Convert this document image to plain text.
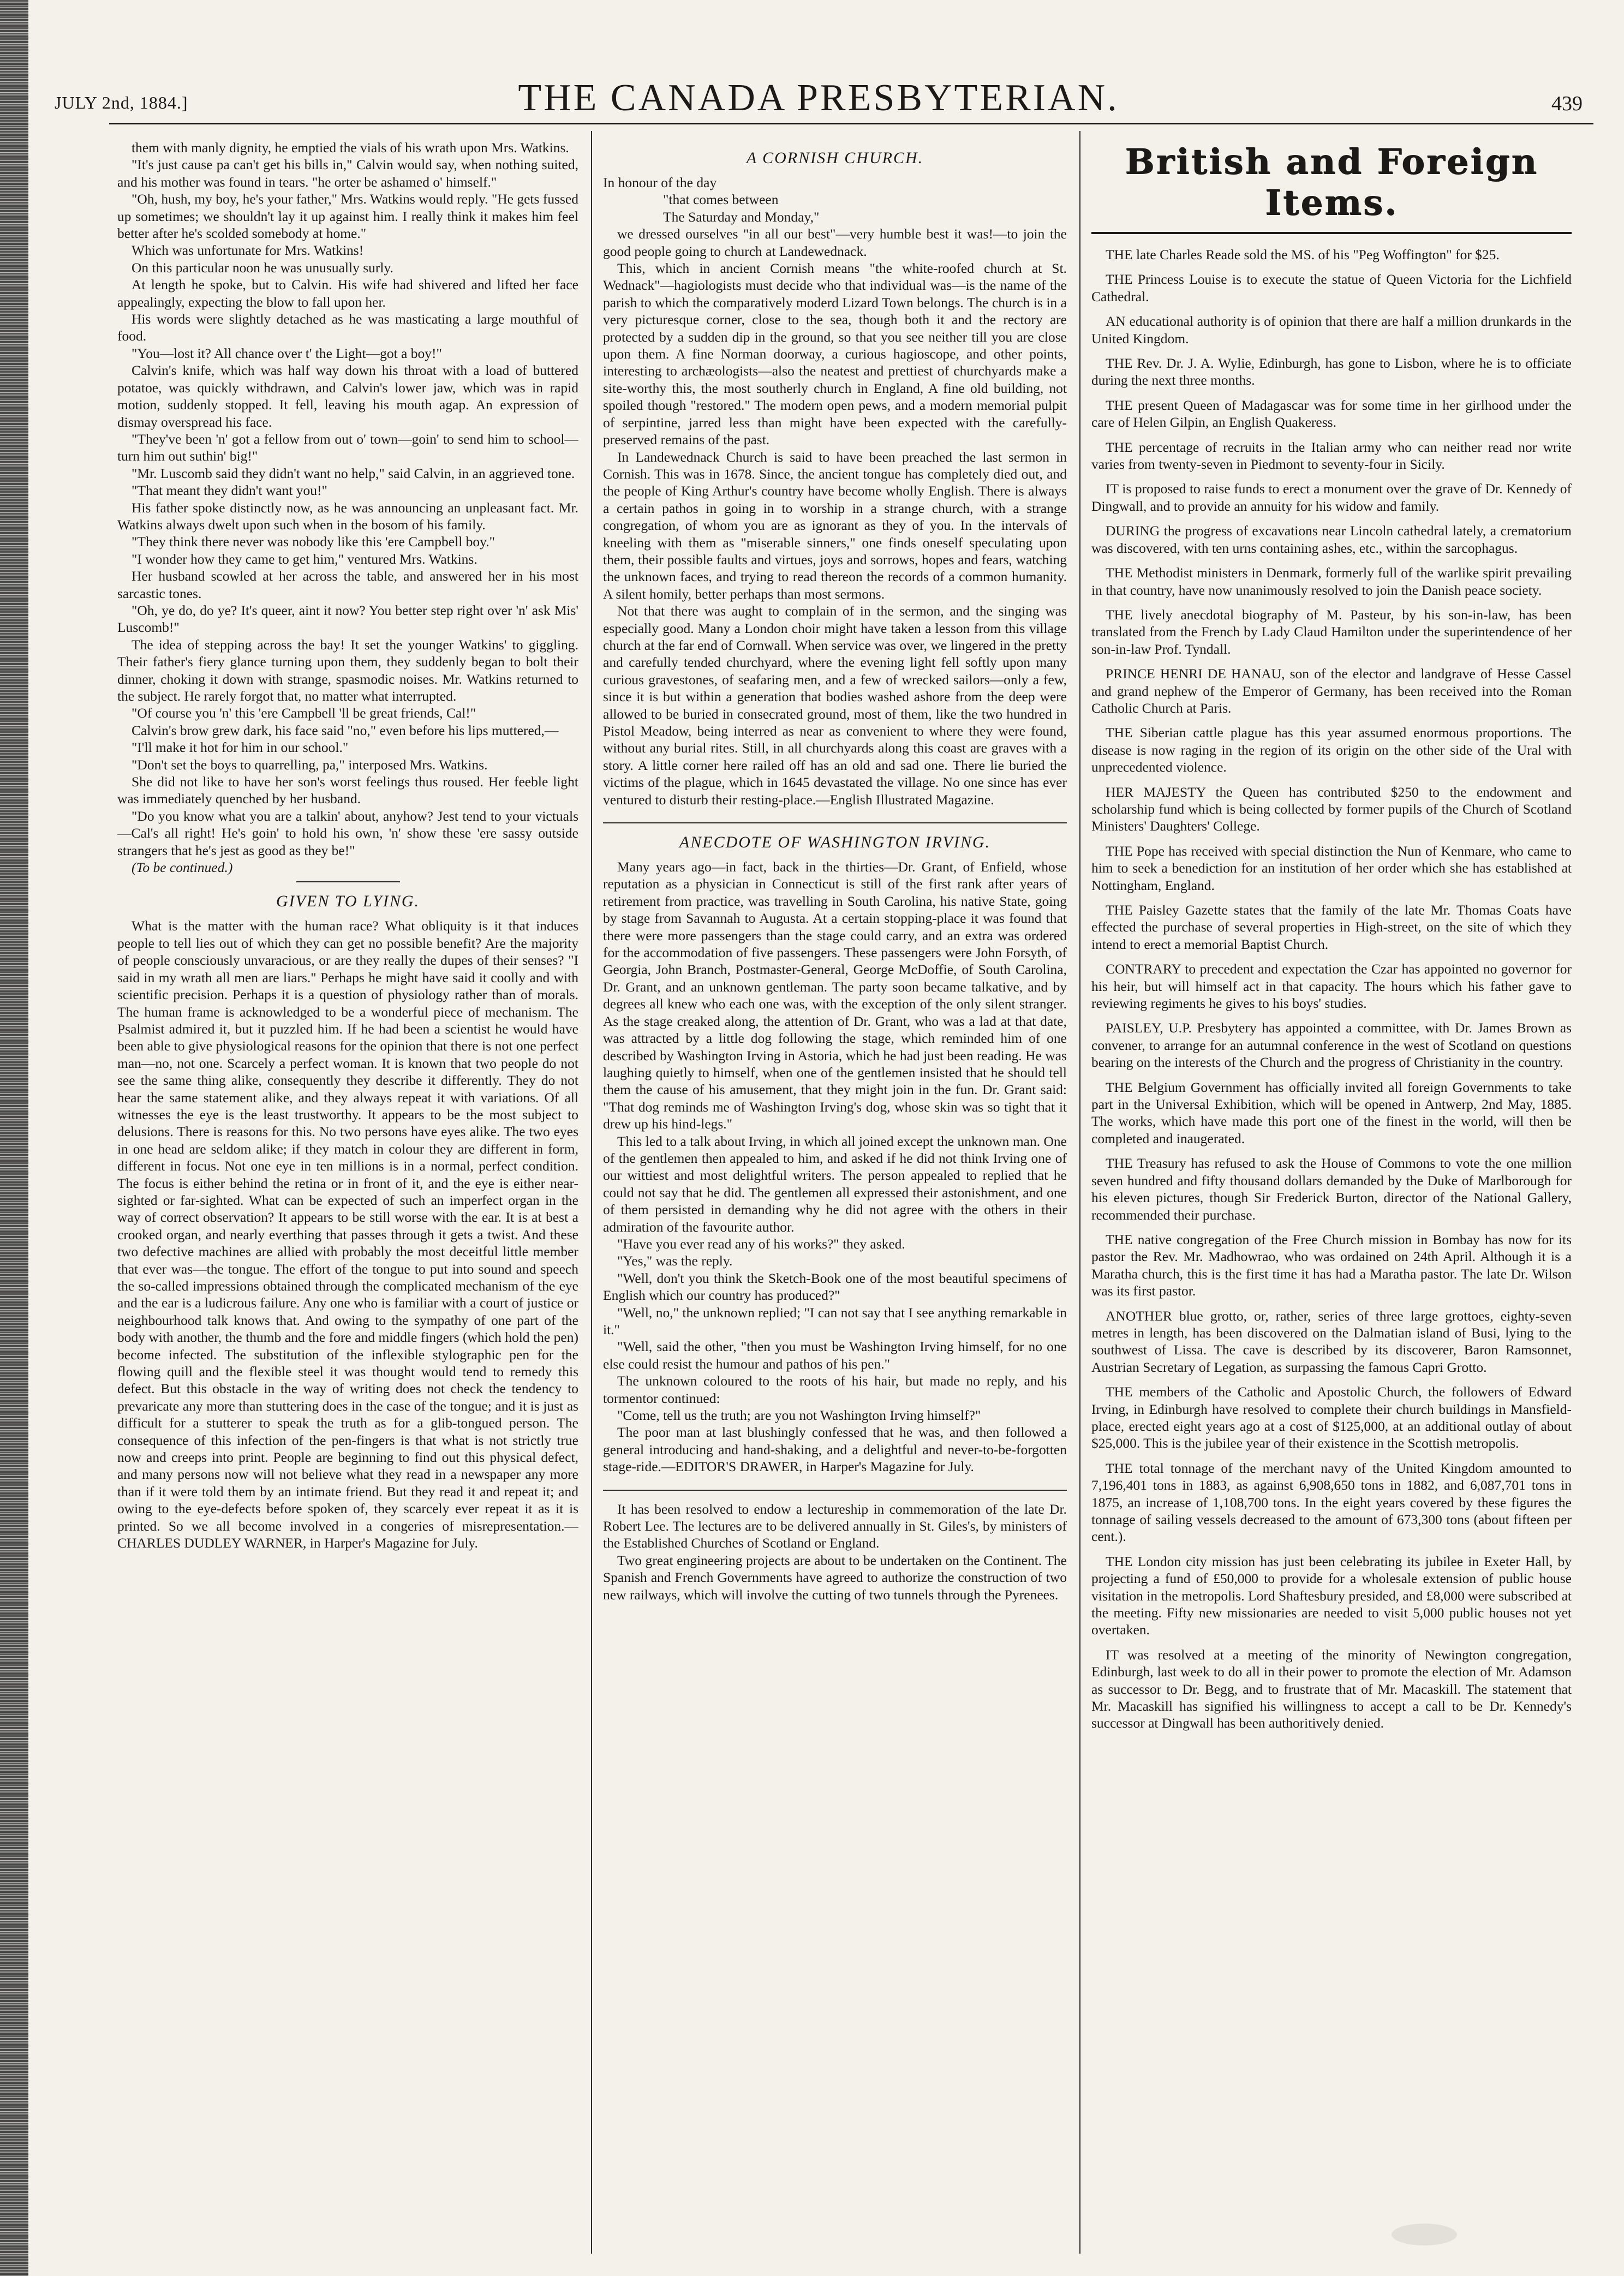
JULY 2nd, 1884.]	THE CANADA PRESBYTERIAN.	439

them with manly dignity, he emptied the vials of his wrath upon Mrs. Watkins.

"It's just cause pa can't get his bills in," Calvin would say, when nothing suited, and his mother was found in tears. "he orter be ashamed o' himself."

"Oh, hush, my boy, he's your father," Mrs. Watkins would reply. "He gets fussed up sometimes; we shouldn't lay it up against him. I really think it makes him feel better after he's scolded somebody at home."

Which was unfortunate for Mrs. Watkins!

On this particular noon he was unusually surly.

At length he spoke, but to Calvin. His wife had shivered and lifted her face appealingly, expecting the blow to fall upon her.

His words were slightly detached as he was masticating a large mouthful of food.

"You—lost it? All chance over t' the Light—got a boy!"

Calvin's knife, which was half way down his throat with a load of buttered potatoe, was quickly withdrawn, and Calvin's lower jaw, which was in rapid motion, suddenly stopped. It fell, leaving his mouth agap. An expression of dismay overspread his face.

"They've been 'n' got a fellow from out o' town—goin' to send him to school—turn him out suthin' big!"

"Mr. Luscomb said they didn't want no help," said Calvin, in an aggrieved tone.

"That meant they didn't want you!"

His father spoke distinctly now, as he was announcing an unpleasant fact. Mr. Watkins always dwelt upon such when in the bosom of his family.

"They think there never was nobody like this 'ere Campbell boy."

"I wonder how they came to get him," ventured Mrs. Watkins.

Her husband scowled at her across the table, and answered her in his most sarcastic tones.

"Oh, ye do, do ye? It's queer, aint it now? You better step right over 'n' ask Mis' Luscomb!"

The idea of stepping across the bay! It set the younger Watkins' to giggling. Their father's fiery glance turning upon them, they suddenly began to bolt their dinner, choking it down with strange, spasmodic noises. Mr. Watkins returned to the subject. He rarely forgot that, no matter what interrupted.

"Of course you 'n' this 'ere Campbell 'll be great friends, Cal!"

Calvin's brow grew dark, his face said "no," even before his lips muttered,—

"I'll make it hot for him in our school."

"Don't set the boys to quarrelling, pa," interposed Mrs. Watkins.

She did not like to have her son's worst feelings thus roused. Her feeble light was immediately quenched by her husband.

"Do you know what you are a talkin' about, anyhow? Jest tend to your victuals—Cal's all right! He's goin' to hold his own, 'n' show these 'ere sassy outside strangers that he's jest as good as they be!"

(To be continued.)

GIVEN TO LYING.

What is the matter with the human race? What obliquity is it that induces people to tell lies out of which they can get no possible benefit? Are the majority of people consciously unvaracious, or are they really the dupes of their senses? "I said in my wrath all men are liars." Perhaps he might have said it coolly and with scientific precision. Perhaps it is a question of physiology rather than of morals. The human frame is acknowledged to be a wonderful piece of mechanism. The Psalmist admired it, but it puzzled him. If he had been a scientist he would have been able to give physiological reasons for the opinion that there is not one perfect man—no, not one. Scarcely a perfect woman. It is known that two people do not see the same thing alike, consequently they describe it differently. They do not hear the same statement alike, and they always repeat it with variations. Of all witnesses the eye is the least trustworthy. It appears to be the most subject to delusions. There is reasons for this. No two persons have eyes alike. The two eyes in one head are seldom alike; if they match in colour they are different in form, different in focus. Not one eye in ten millions is in a normal, perfect condition. The focus is either behind the retina or in front of it, and the eye is either near-sighted or far-sighted. What can be expected of such an imperfect organ in the way of correct observation? It appears to be still worse with the ear. It is at best a crooked organ, and nearly everthing that passes through it gets a twist. And these two defective machines are allied with probably the most deceitful little member that ever was—the tongue. The effort of the tongue to put into sound and speech the so-called impressions obtained through the complicated mechanism of the eye and the ear is a ludicrous failure. Any one who is familiar with a court of justice or neighbourhood talk knows that. And owing to the sympathy of one part of the body with another, the thumb and the fore and middle fingers (which hold the pen) become infected. The substitution of the inflexible stylographic pen for the flowing quill and the flexible steel it was thought would tend to remedy this defect. But this obstacle in the way of writing does not check the tendency to prevaricate any more than stuttering does in the case of the tongue; and it is just as difficult for a stutterer to speak the truth as for a glib-tongued person. The consequence of this infection of the pen-fingers is that what is not strictly true now and creeps into print. People are beginning to find out this physical defect, and many persons now will not believe what they read in a newspaper any more than if it were told them by an intimate friend. But they read it and repeat it; and owing to the eye-defects before spoken of, they scarcely ever repeat it as it is printed. So we all become involved in a congeries of misrepresentation.—CHARLES DUDLEY WARNER, in Harper's Magazine for July.

A CORNISH CHURCH.

In honour of the day

"that comes between

The Saturday and Monday,"

we dressed ourselves "in all our best"—very humble best it was!—to join the good people going to church at Landewednack.

This, which in ancient Cornish means "the white-roofed church at St. Wednack"—hagiologists must decide who that individual was—is the name of the parish to which the comparatively moderd Lizard Town belongs. The church is in a very picturesque corner, close to the sea, though both it and the rectory are protected by a sudden dip in the ground, so that you see neither till you are close upon them. A fine Norman doorway, a curious hagioscope, and other points, interesting to archæologists—also the neatest and prettiest of churchyards make a site-worthy this, the most southerly church in England, A fine old building, not spoiled though "restored." The modern open pews, and a modern memorial pulpit of serpintine, jarred less than might have been expected with the carefully-preserved remains of the past.

In Landewednack Church is said to have been preached the last sermon in Cornish. This was in 1678. Since, the ancient tongue has completely died out, and the people of King Arthur's country have become wholly English. There is always a certain pathos in going in to worship in a strange church, with a strange congregation, of whom you are as ignorant as they of you. In the intervals of kneeling with them as "miserable sinners," one finds oneself speculating upon them, their possible faults and virtues, joys and sorrows, hopes and fears, watching the unknown faces, and trying to read thereon the records of a common humanity. A silent homily, better perhaps than most sermons.

Not that there was aught to complain of in the sermon, and the singing was especially good. Many a London choir might have taken a lesson from this village church at the far end of Cornwall. When service was over, we lingered in the pretty and carefully tended churchyard, where the evening light fell softly upon many curious gravestones, of seafaring men, and a few of wrecked sailors—only a few, since it is but within a generation that bodies washed ashore from the deep were allowed to be buried in consecrated ground, most of them, like the two hundred in Pistol Meadow, being interred as near as convenient to where they were found, without any burial rites. Still, in all churchyards along this coast are graves with a story. A little corner here railed off has an old and sad one. There lie buried the victims of the plague, which in 1645 devastated the village. No one since has ever ventured to disturb their resting-place.—English Illustrated Magazine.

ANECDOTE OF WASHINGTON IRVING.

Many years ago—in fact, back in the thirties—Dr. Grant, of Enfield, whose reputation as a physician in Connecticut is still of the first rank after years of retirement from practice, was travelling in South Carolina, his native State, going by stage from Savannah to Augusta. At a certain stopping-place it was found that there were more passengers than the stage could carry, and an extra was ordered for the accommodation of five passengers. These passengers were John Forsyth, of Georgia, John Branch, Postmaster-General, George McDoffie, of South Carolina, Dr. Grant, and an unknown gentleman. The party soon became talkative, and by degrees all knew who each one was, with the exception of the only silent stranger. As the stage creaked along, the attention of Dr. Grant, who was a lad at that date, was attracted by a little dog following the stage, which reminded him of one described by Washington Irving in Astoria, which he had just been reading. He was laughing quietly to himself, when one of the gentlemen insisted that he should tell them the cause of his amusement, that they might join in the fun. Dr. Grant said: "That dog reminds me of Washington Irving's dog, whose skin was so tight that it drew up his hind-legs."

This led to a talk about Irving, in which all joined except the unknown man. One of the gentlemen then appealed to him, and asked if he did not think Irving one of our wittiest and most delightful writers. The person appealed to replied that he could not say that he did. The gentlemen all expressed their astonishment, and one of them persisted in demanding why he did not agree with the others in their admiration of the favourite author.

"Have you ever read any of his works?" they asked.

"Yes," was the reply.

"Well, don't you think the Sketch-Book one of the most beautiful specimens of English which our country has produced?"

"Well, no," the unknown replied; "I can not say that I see anything remarkable in it."

"Well, said the other, "then you must be Washington Irving himself, for no one else could resist the humour and pathos of his pen."

The unknown coloured to the roots of his hair, but made no reply, and his tormentor continued:

"Come, tell us the truth; are you not Washington Irving himself?"

The poor man at last blushingly confessed that he was, and then followed a general introducing and hand-shaking, and a delightful and never-to-be-forgotten stage-ride.—EDITOR'S DRAWER, in Harper's Magazine for July.

It has been resolved to endow a lectureship in commemoration of the late Dr. Robert Lee. The lectures are to be delivered annually in St. Giles's, by ministers of the Established Churches of Scotland or England.

Two great engineering projects are about to be undertaken on the Continent. The Spanish and French Governments have agreed to authorize the construction of two new railways, which will involve the cutting of two tunnels through the Pyrenees.

British and Foreign Items.

THE late Charles Reade sold the MS. of his "Peg Woffington" for $25.

THE Princess Louise is to execute the statue of Queen Victoria for the Lichfield Cathedral.

AN educational authority is of opinion that there are half a million drunkards in the United Kingdom.

THE Rev. Dr. J. A. Wylie, Edinburgh, has gone to Lisbon, where he is to officiate during the next three months.

THE present Queen of Madagascar was for some time in her girlhood under the care of Helen Gilpin, an English Quakeress.

THE percentage of recruits in the Italian army who can neither read nor write varies from twenty-seven in Piedmont to seventy-four in Sicily.

IT is proposed to raise funds to erect a monument over the grave of Dr. Kennedy of Dingwall, and to provide an annuity for his widow and family.

DURING the progress of excavations near Lincoln cathedral lately, a crematorium was discovered, with ten urns containing ashes, etc., within the sarcophagus.

THE Methodist ministers in Denmark, formerly full of the warlike spirit prevailing in that country, have now unanimously resolved to join the Danish peace society.

THE lively anecdotal biography of M. Pasteur, by his son-in-law, has been translated from the French by Lady Claud Hamilton under the superintendence of her son-in-law Prof. Tyndall.

PRINCE HENRI DE HANAU, son of the elector and landgrave of Hesse Cassel and grand nephew of the Emperor of Germany, has been received into the Roman Catholic Church at Paris.

THE Siberian cattle plague has this year assumed enormous proportions. The disease is now raging in the region of its origin on the other side of the Ural with unprecedented violence.

HER MAJESTY the Queen has contributed $250 to the endowment and scholarship fund which is being collected by former pupils of the Church of Scotland Ministers' Daughters' College.

THE Pope has received with special distinction the Nun of Kenmare, who came to him to seek a benediction for an institution of her order which she has established at Nottingham, England.

THE Paisley Gazette states that the family of the late Mr. Thomas Coats have effected the purchase of several properties in High-street, on the site of which they intend to erect a memorial Baptist Church.

CONTRARY to precedent and expectation the Czar has appointed no governor for his heir, but will himself act in that capacity. The hours which his father gave to reviewing regiments he gives to his boys' studies.

PAISLEY, U.P. Presbytery has appointed a committee, with Dr. James Brown as convener, to arrange for an autumnal conference in the west of Scotland on questions bearing on the interests of the Church and the progress of Christianity in the country.

THE Belgium Government has officially invited all foreign Governments to take part in the Universal Exhibition, which will be opened in Antwerp, 2nd May, 1885. The works, which have made this port one of the finest in the world, will then be completed and inaugerated.

THE Treasury has refused to ask the House of Commons to vote the one million seven hundred and fifty thousand dollars demanded by the Duke of Marlborough for his eleven pictures, though Sir Frederick Burton, director of the National Gallery, recommended their purchase.

THE native congregation of the Free Church mission in Bombay has now for its pastor the Rev. Mr. Madhowrao, who was ordained on 24th April. Although it is a Maratha church, this is the first time it has had a Maratha pastor. The late Dr. Wilson was its first pastor.

ANOTHER blue grotto, or, rather, series of three large grottoes, eighty-seven metres in length, has been discovered on the Dalmatian island of Busi, lying to the southwest of Lissa. The cave is described by its discoverer, Baron Ramsonnet, Austrian Secretary of Legation, as surpassing the famous Capri Grotto.

THE members of the Catholic and Apostolic Church, the followers of Edward Irving, in Edinburgh have resolved to complete their church buildings in Mansfield-place, erected eight years ago at a cost of $125,000, at an additional outlay of about $25,000. This is the jubilee year of their existence in the Scottish metropolis.

THE total tonnage of the merchant navy of the United Kingdom amounted to 7,196,401 tons in 1883, as against 6,908,650 tons in 1882, and 6,087,701 tons in 1875, an increase of 1,108,700 tons. In the eight years covered by these figures the tonnage of sailing vessels decreased to the amount of 673,300 tons (about fifteen per cent.).

THE London city mission has just been celebrating its jubilee in Exeter Hall, by projecting a fund of £50,000 to provide for a wholesale extension of public house visitation in the metropolis. Lord Shaftesbury presided, and £8,000 were subscribed at the meeting. Fifty new missionaries are needed to visit 5,000 public houses not yet overtaken.

IT was resolved at a meeting of the minority of Newington congregation, Edinburgh, last week to do all in their power to promote the election of Mr. Adamson as successor to Dr. Begg, and to frustrate that of Mr. Macaskill. The statement that Mr. Macaskill has signified his willingness to accept a call to be Dr. Kennedy's successor at Dingwall has been authoritively denied.
